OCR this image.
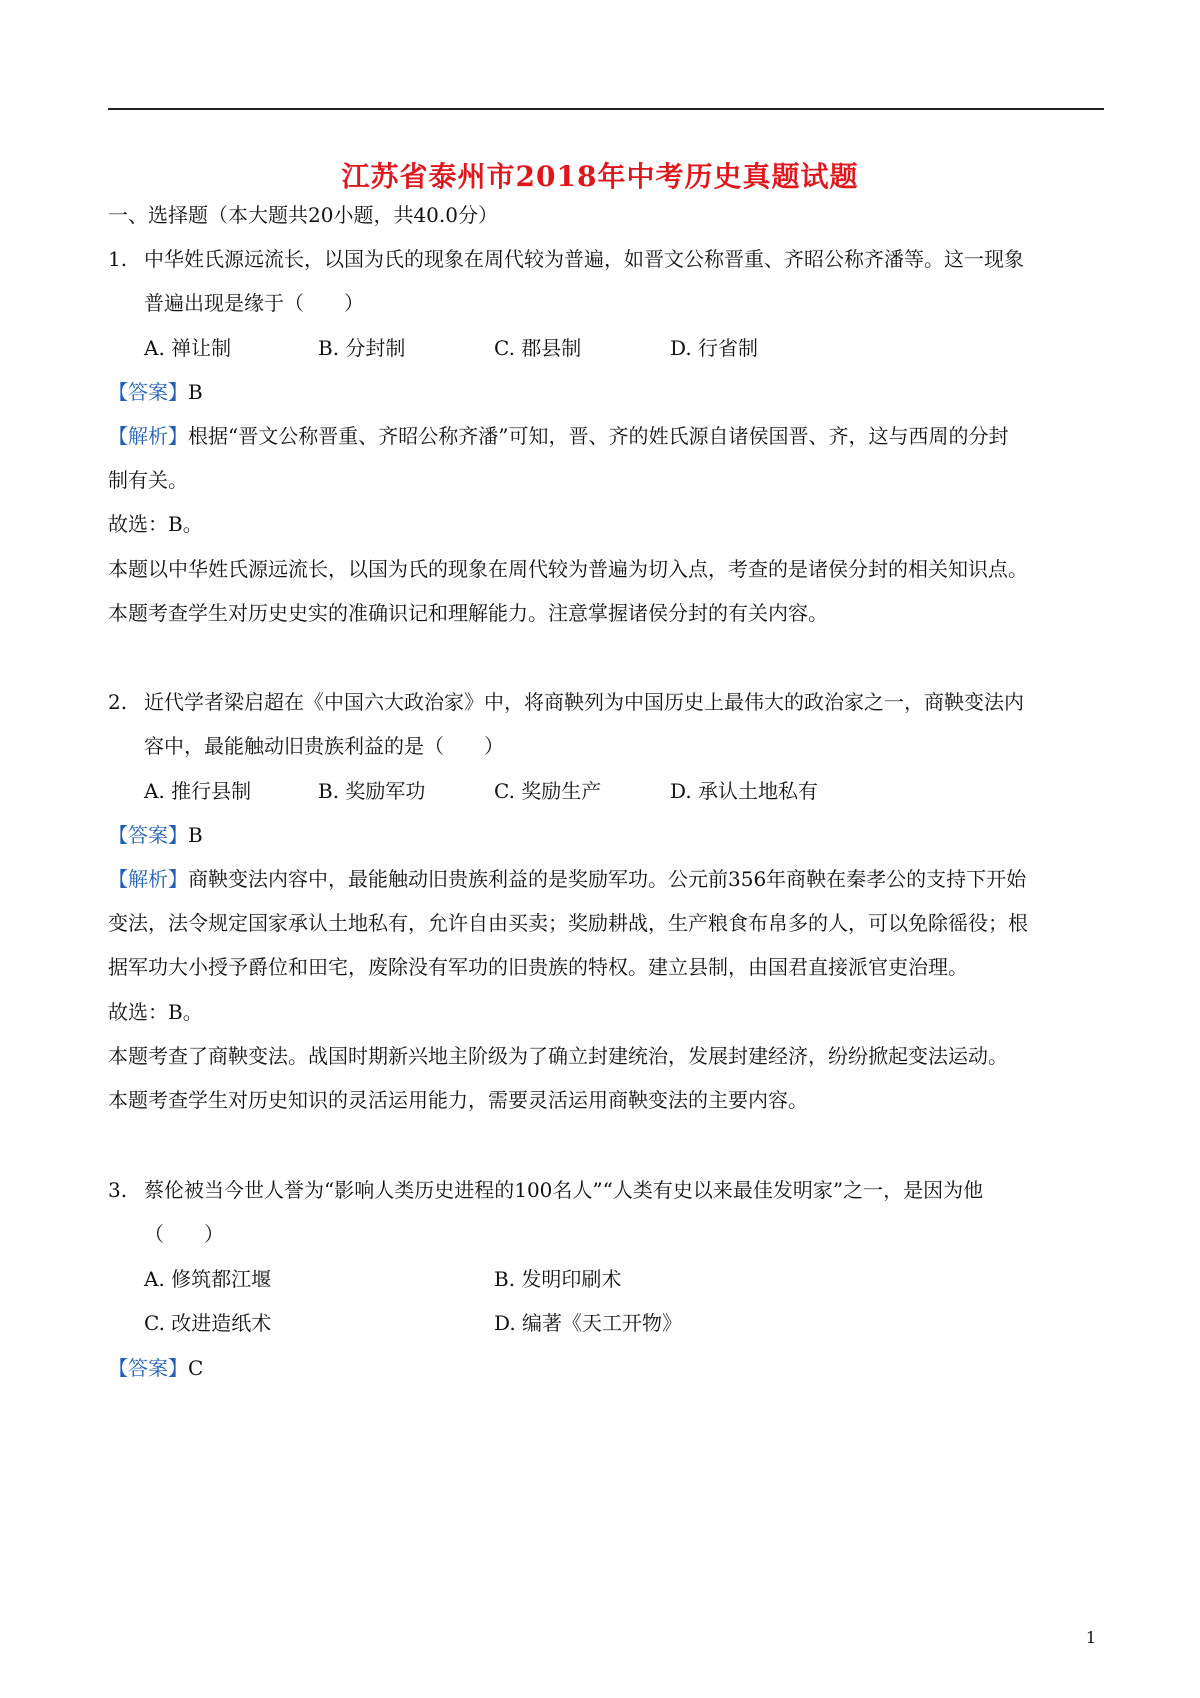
江苏省泰州市2018年中考历史真题试题
一、选择题（本大题共20小题，共40.0分）
1. 中华姓氏源远流长，以国为氏的现象在周代较为普遍，如晋文公称晋重、齐昭公称齐潘等。这一现象
普遍出现是缘于（　　）
A. 禅让制	B. 分封制	C. 郡县制	D. 行省制
【答案】B
【解析】根据“晋文公称晋重、齐昭公称齐潘”可知，晋、齐的姓氏源自诸侯国晋、齐，这与西周的分封
制有关。
故选：B。
本题以中华姓氏源远流长，以国为氏的现象在周代较为普遍为切入点，考查的是诸侯分封的相关知识点。
本题考查学生对历史史实的准确识记和理解能力。注意掌握诸侯分封的有关内容。
2. 近代学者梁启超在《中国六大政治家》中，将商鞅列为中国历史上最伟大的政治家之一，商鞅变法内
容中，最能触动旧贵族利益的是（　　）
A. 推行县制	B. 奖励军功	C. 奖励生产	D. 承认土地私有
【答案】B
【解析】商鞅变法内容中，最能触动旧贵族利益的是奖励军功。公元前356年商鞅在秦孝公的支持下开始
变法，法令规定国家承认土地私有，允许自由买卖；奖励耕战，生产粮食布帛多的人，可以免除徭役；根
据军功大小授予爵位和田宅，废除没有军功的旧贵族的特权。建立县制，由国君直接派官吏治理。
故选：B。
本题考查了商鞅变法。战国时期新兴地主阶级为了确立封建统治，发展封建经济，纷纷掀起变法运动。
本题考查学生对历史知识的灵活运用能力，需要灵活运用商鞅变法的主要内容。
3. 蔡伦被当今世人誉为“影响人类历史进程的100名人”“人类有史以来最佳发明家”之一，是因为他
（　　）
A. 修筑都江堰	B. 发明印刷术
C. 改进造纸术	D. 编著《天工开物》
【答案】C
1
